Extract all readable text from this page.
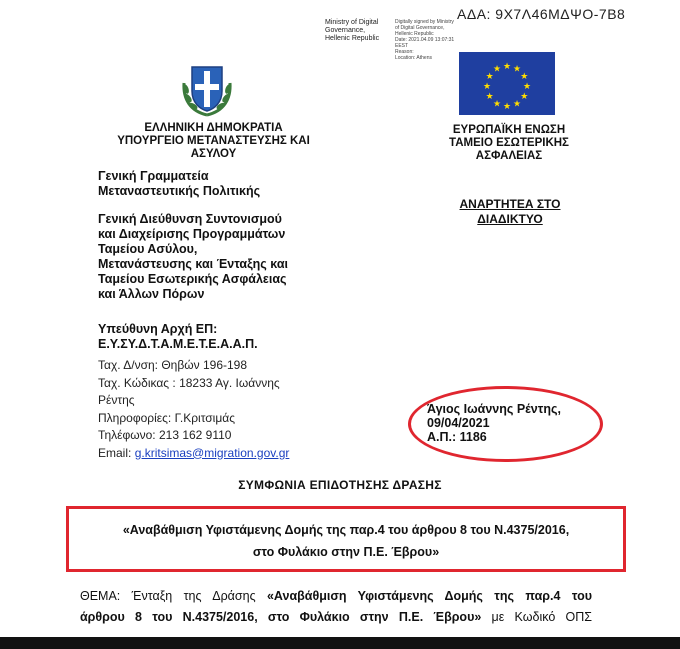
ΑΔΑ: 9Χ7Λ46ΜΔΨΟ-7Β8
Ministry of Digital
Governance,
Hellenic Republic
Digitally signed by Ministry
of Digital Governance,
Hellenic Republic
Date: 2021.04.09 13:07:31
EEST
Reason:
Location: Athens
ΕΛΛΗΝΙΚΗ ΔΗΜΟΚΡΑΤΙΑ
ΥΠΟΥΡΓΕΙΟ ΜΕΤΑΝΑΣΤΕΥΣΗΣ ΚΑΙ
ΑΣΥΛΟΥ
Γενική Γραμματεία
Μεταναστευτικής Πολιτικής
Γενική Διεύθυνση Συντονισμού
και Διαχείρισης Προγραμμάτων
Ταμείου Ασύλου,
Μετανάστευσης και Ένταξης και
Ταμείου Εσωτερικής Ασφάλειας
και Άλλων Πόρων
Υπεύθυνη Αρχή ΕΠ:
Ε.Υ.ΣΥ.Δ.Τ.Α.Μ.Ε.Τ.Ε.Α.Α.Π.
Ταχ. Δ/νση: Θηβών 196-198
Ταχ. Κώδικας : 18233 Αγ. Ιωάννης
Ρέντης
Πληροφορίες: Γ.Κριτσιμάς
Τηλέφωνο: 213 162 9110
Email: g.kritsimas@migration.gov.gr
★ ★
★
★
★
★
★
★
★
★
★
★
ΕΥΡΩΠΑΪΚΗ ΕΝΩΣΗ
ΤΑΜΕΙΟ ΕΣΩΤΕΡΙΚΗΣ
ΑΣΦΑΛΕΙΑΣ
ΑΝΑΡΤΗΤΕΑ ΣΤΟ
ΔΙΑΔΙΚΤΥΟ
Άγιος Ιωάννης Ρέντης,
09/04/2021
Α.Π.: 1186
ΣΥΜΦΩΝΙΑ ΕΠΙΔΟΤΗΣΗΣ ΔΡΑΣΗΣ
«Αναβάθμιση Υφιστάμενης Δομής της παρ.4 του άρθρου 8 του Ν.4375/2016,
στο Φυλάκιο στην Π.Ε. Έβρου»
ΘΕΜΑ: Ένταξη της Δράσης «Αναβάθμιση Υφιστάμενης Δομής της παρ.4 του
άρθρου 8 του Ν.4375/2016, στο Φυλάκιο στην Π.Ε. Έβρου» με Κωδικό ΟΠΣ
